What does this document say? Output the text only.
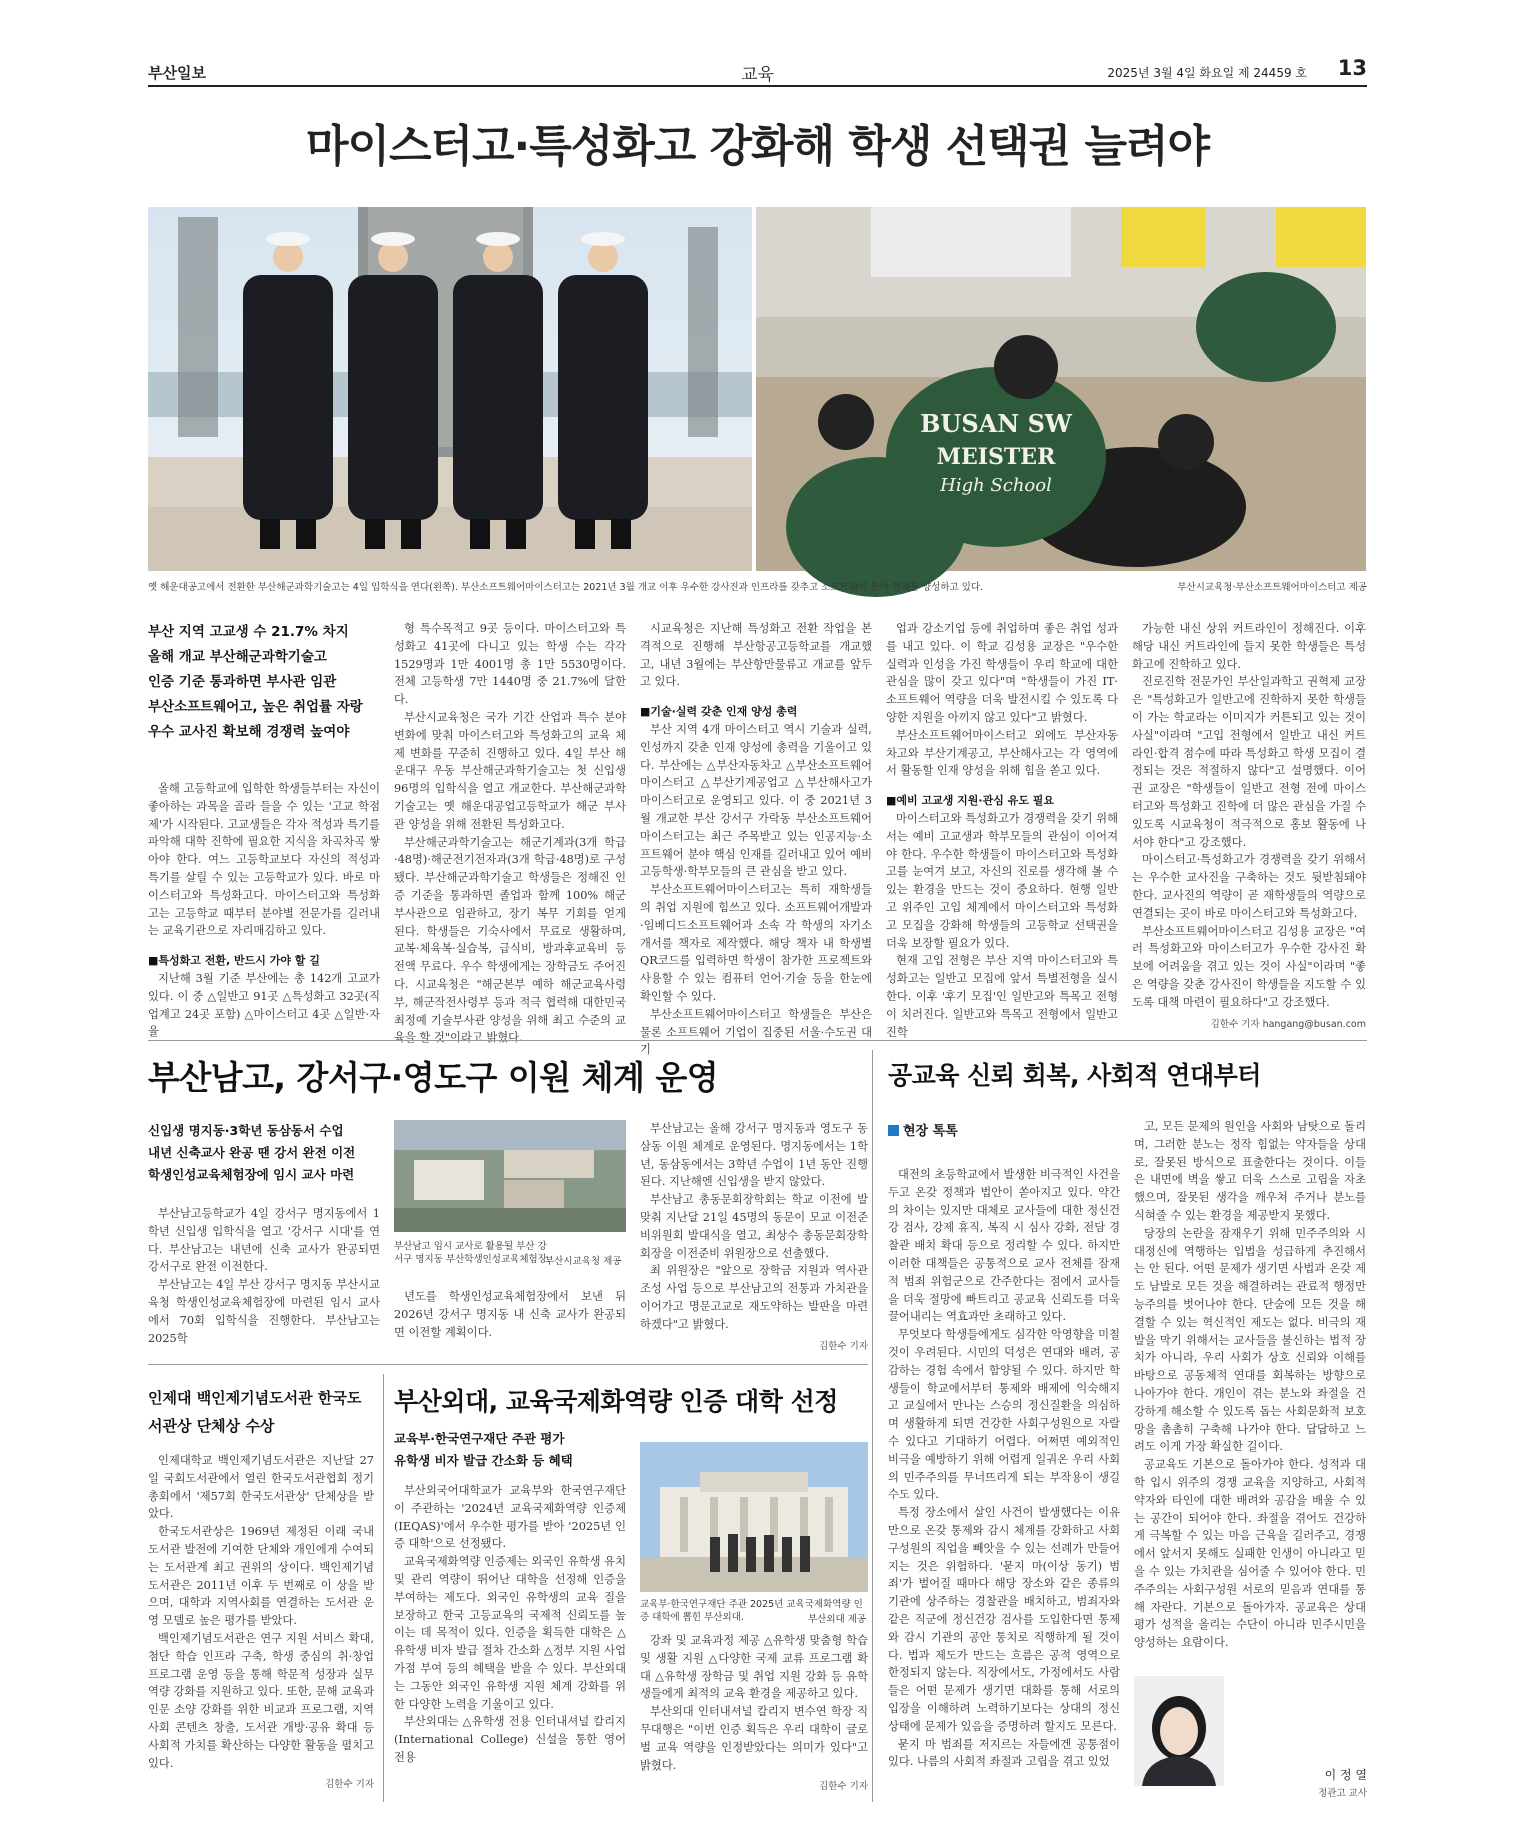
부산일보	교육	2025년 3월 4일 화요일 제 24459 호 13
마이스터고·특성화고 강화해 학생 선택권 늘려야
BUSAN SW
MEISTER
High School
옛 해운대공고에서 전환한 부산해군과학기술고는 4일 입학식을 연다(왼쪽). 부산소프트웨어마이스터고는 2021년 3월 개교 이후 우수한 강사진과 인프라를 갖추고 소프트웨어 분야 인재를 양성하고 있다.	부산시교육청·부산소프트웨어마이스터고 제공
부산 지역 고교생 수 21.7% 차지
올해 개교 부산해군과학기술고
인증 기준 통과하면 부사관 임관
부산소프트웨어고, 높은 취업률 자랑
우수 교사진 확보해 경쟁력 높여야

올해 고등학교에 입학한 학생들부터는 자신이 좋아하는 과목을 골라 들을 수 있는 '고교 학점제'가 시작된다. 고교생들은 각자 적성과 특기를 파악해 대학 진학에 필요한 지식을 차곡차곡 쌓아야 한다. 여느 고등학교보다 자신의 적성과 특기를 살릴 수 있는 고등학교가 있다. 바로 마이스터고와 특성화고다. 마이스터고와 특성화고는 고등학교 때부터 분야별 전문가를 길러내는 교육기관으로 자리매김하고 있다.

■특성화고 전환, 반드시 가야 할 길

지난해 3월 기준 부산에는 총 142개 고교가 있다. 이 중 △일반고 91곳 △특성화고 32곳(직업계고 24곳 포함) △마이스터고 4곳 △일반·자율

형 특수목적고 9곳 등이다. 마이스터고와 특성화고 41곳에 다니고 있는 학생 수는 각각 1529명과 1만 4001명 총 1만 5530명이다. 전체 고등학생 7만 1440명 중 21.7%에 달한다.

부산시교육청은 국가 기간 산업과 특수 분야 변화에 맞춰 마이스터고와 특성화고의 교육 체제 변화를 꾸준히 진행하고 있다. 4일 부산 해운대구 우동 부산해군과학기술고는 첫 신입생 96명의 입학식을 열고 개교한다. 부산해군과학기술고는 옛 해운대공업고등학교가 해군 부사관 양성을 위해 전환된 특성화고다.

부산해군과학기술고는 해군기계과(3개 학급·48명)·해군전기전자과(3개 학급·48명)로 구성됐다. 부산해군과학기술고 학생들은 정해진 인증 기준을 통과하면 졸업과 함께 100% 해군 부사관으로 임관하고, 장기 복무 기회를 얻게 된다. 학생들은 기숙사에서 무료로 생활하며, 교복·체육복·실습복, 급식비, 방과후교육비 등 전액 무료다. 우수 학생에게는 장학금도 주어진다. 시교육청은 "해군본부 예하 해군교육사령부, 해군작전사령부 등과 적극 협력해 대한민국 최정예 기술부사관 양성을 위해 최고 수준의 교육을 할 것"이라고 밝혔다.

시교육청은 지난해 특성화고 전환 작업을 본격적으로 진행해 부산항공고등학교를 개교했고, 내년 3월에는 부산항만물류고 개교를 앞두고 있다.

■기술·실력 갖춘 인재 양성 총력

부산 지역 4개 마이스터고 역시 기술과 실력, 인성까지 갖춘 인재 양성에 총력을 기울이고 있다. 부산에는 △부산자동차고 △부산소프트웨어마이스터고 △부산기계공업고 △부산해사고가 마이스터고로 운영되고 있다. 이 중 2021년 3월 개교한 부산 강서구 가락동 부산소프트웨어마이스터고는 최근 주목받고 있는 인공지능·소프트웨어 분야 핵심 인재를 길러내고 있어 예비 고등학생·학부모들의 큰 관심을 받고 있다.

부산소프트웨어마이스터고는 특히 재학생들의 취업 지원에 힘쓰고 있다. 소프트웨어개발과·임베디드소프트웨어과 소속 각 학생의 자기소개서를 책자로 제작했다. 해당 책자 내 학생별 QR코드를 입력하면 학생이 참가한 프로젝트와 사용할 수 있는 컴퓨터 언어·기술 등을 한눈에 확인할 수 있다.

부산소프트웨어마이스터고 학생들은 부산은 물론 소프트웨어 기업이 집중된 서울·수도권 대기

업과 강소기업 등에 취업하며 좋은 취업 성과를 내고 있다. 이 학교 김성용 교장은 "우수한 실력과 인성을 가진 학생들이 우리 학교에 대한 관심을 많이 갖고 있다"며 "학생들이 가진 IT·소프트웨어 역량을 더욱 발전시킬 수 있도록 다양한 지원을 아끼지 않고 있다"고 밝혔다.

부산소프트웨어마이스터고 외에도 부산자동차고와 부산기계공고, 부산해사고는 각 영역에서 활동할 인재 양성을 위해 힘을 쏟고 있다.

■예비 고교생 지원·관심 유도 필요

마이스터고와 특성화고가 경쟁력을 갖기 위해서는 예비 고교생과 학부모들의 관심이 이어져야 한다. 우수한 학생들이 마이스터고와 특성화고를 눈여겨 보고, 자신의 진로를 생각해 볼 수 있는 환경을 만드는 것이 중요하다. 현행 일반고 위주인 고입 체계에서 마이스터고와 특성화고 모집을 강화해 학생들의 고등학교 선택권을 더욱 보장할 필요가 있다.

현재 고입 전형은 부산 지역 마이스터고와 특성화고는 일반고 모집에 앞서 특별전형을 실시한다. 이후 '후기 모집'인 일반고와 특목고 전형이 치러진다. 일반고와 특목고 전형에서 일반고 진학

가능한 내신 상위 커트라인이 정해진다. 이후 해당 내신 커트라인에 들지 못한 학생들은 특성화고에 진학하고 있다.

진로진학 전문가인 부산일과학고 권혁제 교장은 "특성화고가 일반고에 진학하지 못한 학생들이 가는 학교라는 이미지가 커튼되고 있는 것이 사실"이라며 "고입 전형에서 일반고 내신 커트라인·합격 점수에 따라 특성화고 학생 모집이 결정되는 것은 적절하지 않다"고 설명했다. 이어 권 교장은 "학생들이 일반고 전형 전에 마이스터고와 특성화고 진학에 더 많은 관심을 가질 수 있도록 시교육청이 적극적으로 홍보 활동에 나서야 한다"고 강조했다.

마이스터고·특성화고가 경쟁력을 갖기 위해서는 우수한 교사진을 구축하는 것도 뒷받침돼야 한다. 교사진의 역량이 곧 재학생들의 역량으로 연결되는 곳이 바로 마이스터고와 특성화고다.

부산소프트웨어마이스터고 김성용 교장은 "여러 특성화고와 마이스터고가 우수한 강사진 확보에 어려움을 겪고 있는 것이 사실"이라며 "좋은 역량을 갖춘 강사진이 학생들을 지도할 수 있도록 대책 마련이 필요하다"고 강조했다.

김한수 기자 hangang@busan.com
부산남고, 강서구·영도구 이원 체계 운영
신입생 명지동·3학년 동삼동서 수업
내년 신축교사 완공 땐 강서 완전 이전
학생인성교육체험장에 임시 교사 마련

부산남고등학교가 4일 강서구 명지동에서 1학년 신입생 입학식을 열고 '강서구 시대'를 연다. 부산남고는 내년에 신축 교사가 완공되면 강서구로 완전 이전한다.

부산남고는 4일 부산 강서구 명지동 부산시교육청 학생인성교육체험장에 마련된 임시 교사에서 70회 입학식을 진행한다. 부산남고는 2025학

부산남고 임시 교사로 활용될 부산 강서구 명지동 부산학생인성교육체험장.
부산시교육청 제공

년도를 학생인성교육체험장에서 보낸 뒤 2026년 강서구 명지동 내 신축 교사가 완공되면 이전할 계획이다.

부산남고는 올해 강서구 명지동과 영도구 동삼동 이원 체계로 운영된다. 명지동에서는 1학년, 동삼동에서는 3학년 수업이 1년 동안 진행된다. 지난해엔 신입생을 받지 않았다.

부산남고 총동문회장학회는 학교 이전에 발맞춰 지난달 21일 45명의 동문이 모교 이전준비위원회 발대식을 열고, 최상수 총동문회장학회장을 이전준비 위원장으로 선출했다.

최 위원장은 "앞으로 장학금 지원과 역사관 조성 사업 등으로 부산남고의 전통과 가치관을 이어가고 명문고교로 재도약하는 발판을 마련하겠다"고 밝혔다.

김한수 기자
인제대 백인제기념도서관 한국도서관상 단체상 수상

인제대학교 백인제기념도서관은 지난달 27일 국회도서관에서 열린 한국도서관협회 정기총회에서 '제57회 한국도서관상' 단체상을 받았다.

한국도서관상은 1969년 제정된 이래 국내 도서관 발전에 기여한 단체와 개인에게 수여되는 도서관계 최고 권위의 상이다. 백인제기념도서관은 2011년 이후 두 번째로 이 상을 받으며, 대학과 지역사회를 연결하는 도서관 운영 모델로 높은 평가를 받았다.

백인제기념도서관은 연구 지원 서비스 확대, 첨단 학습 인프라 구축, 학생 중심의 취·창업 프로그램 운영 등을 통해 학문적 성장과 실무 역량 강화를 지원하고 있다. 또한, 문해 교육과 인문 소양 강화를 위한 비교과 프로그램, 지역사회 콘텐츠 창출, 도서관 개방·공유 확대 등 사회적 가치를 확산하는 다양한 활동을 펼치고 있다.

김한수 기자
부산외대, 교육국제화역량 인증 대학 선정
교육부·한국연구재단 주관 평가
유학생 비자 발급 간소화 등 혜택

부산외국어대학교가 교육부와 한국연구재단이 주관하는 '2024년 교육국제화역량 인증제(IEQAS)'에서 우수한 평가를 받아 '2025년 인증 대학'으로 선정됐다.

교육국제화역량 인증제는 외국인 유학생 유치 및 관리 역량이 뛰어난 대학을 선정해 인증을 부여하는 제도다. 외국인 유학생의 교육 질을 보장하고 한국 고등교육의 국제적 신뢰도를 높이는 데 목적이 있다. 인증을 획득한 대학은 △유학생 비자 발급 절차 간소화 △정부 지원 사업 가점 부여 등의 혜택을 받을 수 있다. 부산외대는 그동안 외국인 유학생 지원 체계 강화를 위한 다양한 노력을 기울이고 있다.

부산외대는 △유학생 전용 인터내셔널 칼리지(International College) 신설을 통한 영어 전용

교육부·한국연구재단 주관 2025년 교육국제화역량 인증 대학에 뽑힌 부산외대.	부산외대 제공

강좌 및 교육과정 제공 △유학생 맞춤형 학습 및 생활 지원 △다양한 국제 교류 프로그램 확대 △유학생 장학금 및 취업 지원 강화 등 유학생들에게 최적의 교육 환경을 제공하고 있다.

부산외대 인터내셔널 칼리지 변수연 학장 직무대행은 "이번 인증 획득은 우리 대학이 글로벌 교육 역량을 인정받았다는 의미가 있다"고 밝혔다.

김한수 기자
공교육 신뢰 회복, 사회적 연대부터
현장 톡톡

대전의 초등학교에서 발생한 비극적인 사건을 두고 온갖 정책과 법안이 쏟아지고 있다. 약간의 차이는 있지만 대체로 교사들에 대한 정신건강 검사, 강제 휴직, 복직 시 심사 강화, 전담 경찰관 배치 확대 등으로 정리할 수 있다. 하지만 이러한 대책들은 공통적으로 교사 전체를 잠재적 범죄 위험군으로 간주한다는 점에서 교사들을 더욱 절망에 빠트리고 공교육 신뢰도를 더욱 끌어내리는 역효과만 초래하고 있다.

무엇보다 학생들에게도 심각한 악영향을 미칠 것이 우려된다. 시민의 덕성은 연대와 배려, 공감하는 경험 속에서 함양될 수 있다. 하지만 학생들이 학교에서부터 통제와 배제에 익숙해지고 교실에서 만나는 스승의 정신질환을 의심하며 생활하게 되면 건강한 사회구성원으로 자랄 수 있다고 기대하기 어렵다. 어쩌면 예외적인 비극을 예방하기 위해 어렵게 일궈온 우리 사회의 민주주의를 무너뜨리게 되는 부작용이 생길 수도 있다.

특정 장소에서 살인 사건이 발생했다는 이유만으로 온갖 통제와 감시 체계를 강화하고 사회구성원의 직업을 빼앗을 수 있는 선례가 만들어지는 것은 위험하다. '묻지 마(이상 동기) 범죄'가 벌어질 때마다 해당 장소와 같은 종류의 기관에 상주하는 경찰관을 배치하고, 범죄자와 같은 직군에 정신건강 검사를 도입한다면 통제와 감시 기관의 공안 통치로 직행하게 될 것이다. 법과 제도가 만드는 흐름은 공적 영역으로 한정되지 않는다. 직장에서도, 가정에서도 사람들은 어떤 문제가 생기면 대화를 통해 서로의 입장을 이해하려 노력하기보다는 상대의 정신 상태에 문제가 있음을 증명하려 할지도 모른다.

묻지 마 범죄를 저지르는 자들에겐 공통점이 있다. 나름의 사회적 좌절과 고립을 겪고 있었

고, 모든 문제의 원인을 사회와 남탓으로 돌리며, 그러한 분노는 정작 힘없는 약자들을 상대로, 잘못된 방식으로 표출한다는 것이다. 이들은 내면에 벽을 쌓고 더욱 스스로 고립을 자초했으며, 잘못된 생각을 깨우쳐 주거나 분노를 식혀줄 수 있는 환경을 제공받지 못했다.

당장의 논란을 잠재우기 위해 민주주의와 시대정신에 역행하는 입법을 성급하게 추진해서는 안 된다. 어떤 문제가 생기면 사법과 온갖 제도 남발로 모든 것을 해결하려는 관료적 행정만능주의를 벗어나야 한다. 단숨에 모든 것을 해결할 수 있는 혁신적인 제도는 없다. 비극의 재발을 막기 위해서는 교사들을 불신하는 법적 장치가 아니라, 우리 사회가 상호 신뢰와 이해를 바탕으로 공동체적 연대를 회복하는 방향으로 나아가야 한다. 개인이 겪는 분노와 좌절을 건강하게 해소할 수 있도록 돕는 사회문화적 보호망을 촘촘히 구축해 나가야 한다. 답답하고 느려도 이게 가장 확실한 길이다.

공교육도 기본으로 돌아가야 한다. 성적과 대학 입시 위주의 경쟁 교육을 지양하고, 사회적 약자와 타인에 대한 배려와 공감을 배울 수 있는 공간이 되어야 한다. 좌절을 겪어도 건강하게 극복할 수 있는 마음 근육을 길러주고, 경쟁에서 앞서지 못해도 실패한 인생이 아니라고 믿을 수 있는 가치관을 심어줄 수 있어야 한다. 민주주의는 사회구성원 서로의 믿음과 연대를 통해 자란다. 기본으로 돌아가자. 공교육은 상대평가 성적을 올리는 수단이 아니라 민주시민을 양성하는 요람이다.

이 정 열
정관고 교사
